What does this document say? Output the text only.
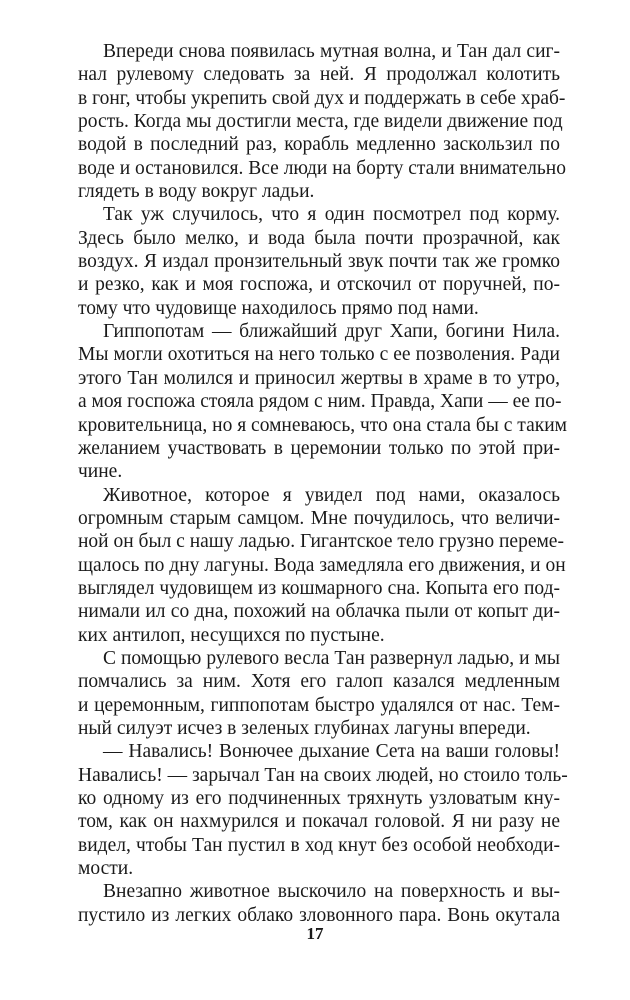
Впереди снова появилась мутная волна, и Тан дал сиг-
нал рулевому следовать за ней. Я продолжал колотить
в гонг, чтобы укрепить свой дух и поддержать в себе храб-
рость. Когда мы достигли места, где видели движение под
водой в последний раз, корабль медленно заскользил по
воде и остановился. Все люди на борту стали внимательно
глядеть в воду вокруг ладьи.
Так уж случилось, что я один посмотрел под корму.
Здесь было мелко, и вода была почти прозрачной, как
воздух. Я издал пронзительный звук почти так же громко
и резко, как и моя госпожа, и отскочил от поручней, по-
тому что чудовище находилось прямо под нами.
Гиппопотам — ближайший друг Хапи, богини Нила.
Мы могли охотиться на него только с ее позволения. Ради
этого Тан молился и приносил жертвы в храме в то утро,
а моя госпожа стояла рядом с ним. Правда, Хапи — ее по-
кровительница, но я сомневаюсь, что она стала бы с таким
желанием участвовать в церемонии только по этой при-
чине.
Животное, которое я увидел под нами, оказалось
огромным старым самцом. Мне почудилось, что величи-
ной он был с нашу ладью. Гигантское тело грузно переме-
щалось по дну лагуны. Вода замедляла его движения, и он
выглядел чудовищем из кошмарного сна. Копыта его под-
нимали ил со дна, похожий на облачка пыли от копыт ди-
ких антилоп, несущихся по пустыне.
С помощью рулевого весла Тан развернул ладью, и мы
помчались за ним. Хотя его галоп казался медленным
и церемонным, гиппопотам быстро удалялся от нас. Тем-
ный силуэт исчез в зеленых глубинах лагуны впереди.
— Навались! Вонючее дыхание Сета на ваши головы!
Навались! — зарычал Тан на своих людей, но стоило толь-
ко одному из его подчиненных тряхнуть узловатым кну-
том, как он нахмурился и покачал головой. Я ни разу не
видел, чтобы Тан пустил в ход кнут без особой необходи-
мости.
Внезапно животное выскочило на поверхность и вы-
пустило из легких облако зловонного пара. Вонь окутала
17
